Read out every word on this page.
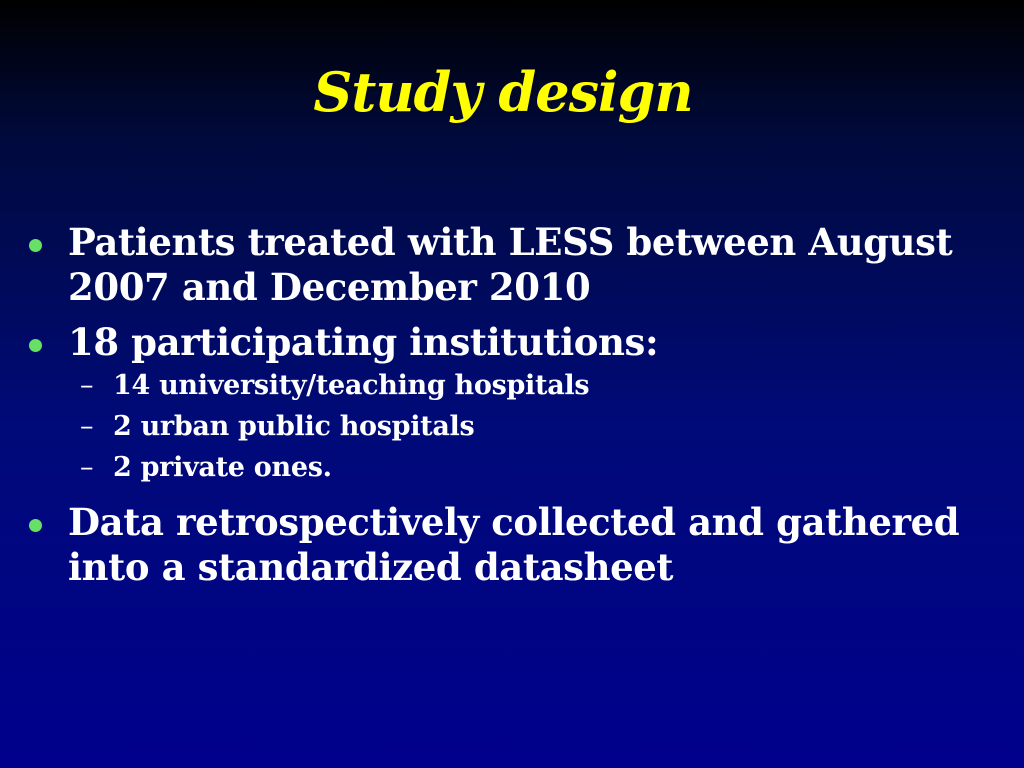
Study design
Patients treated with LESS between August 2007 and December 2010
18 participating institutions:
– 14 university/teaching hospitals
– 2 urban public hospitals
– 2 private ones.
Data retrospectively collected and gathered into a standardized datasheet
